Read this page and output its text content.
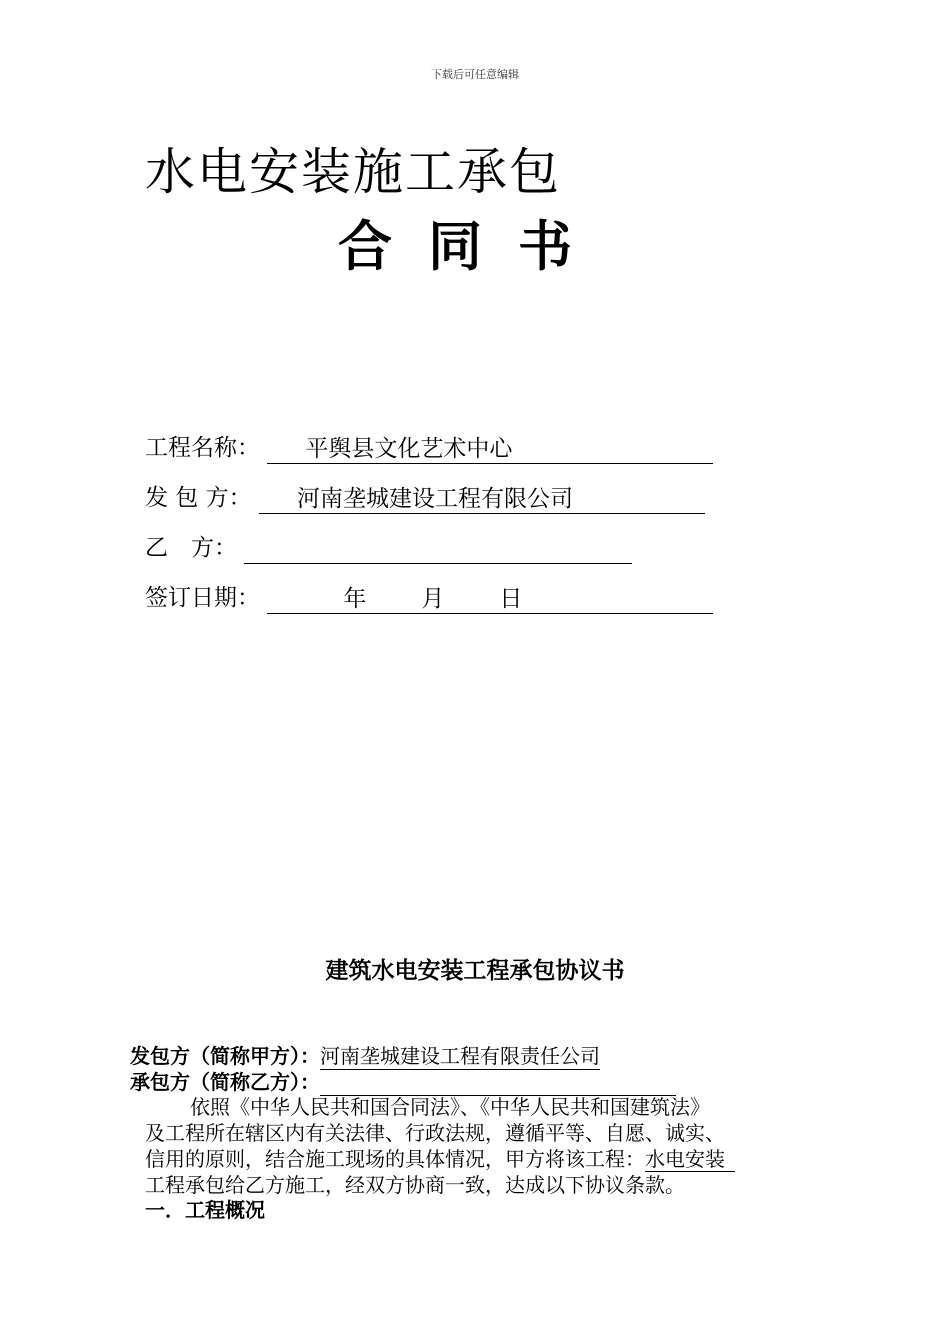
下载后可任意编辑
水电安装施工承包
合同书
工程名称： 平舆县文化艺术中心
发 包 方： 河南垄城建设工程有限公司
乙　方：
签订日期：	年 月 日
建筑水电安装工程承包协议书
发包方（简称甲方）：河南垄城建设工程有限责任公司
承包方（简称乙方）：
依照《中华人民共和国合同法》、《中华人民共和国建筑法》
及工程所在辖区内有关法律、行政法规，遵循平等、自愿、诚实、
信用的原则，结合施工现场的具体情况，甲方将该工程：水电安装
工程承包给乙方施工，经双方协商一致，达成以下协议条款。
一．工程概况
